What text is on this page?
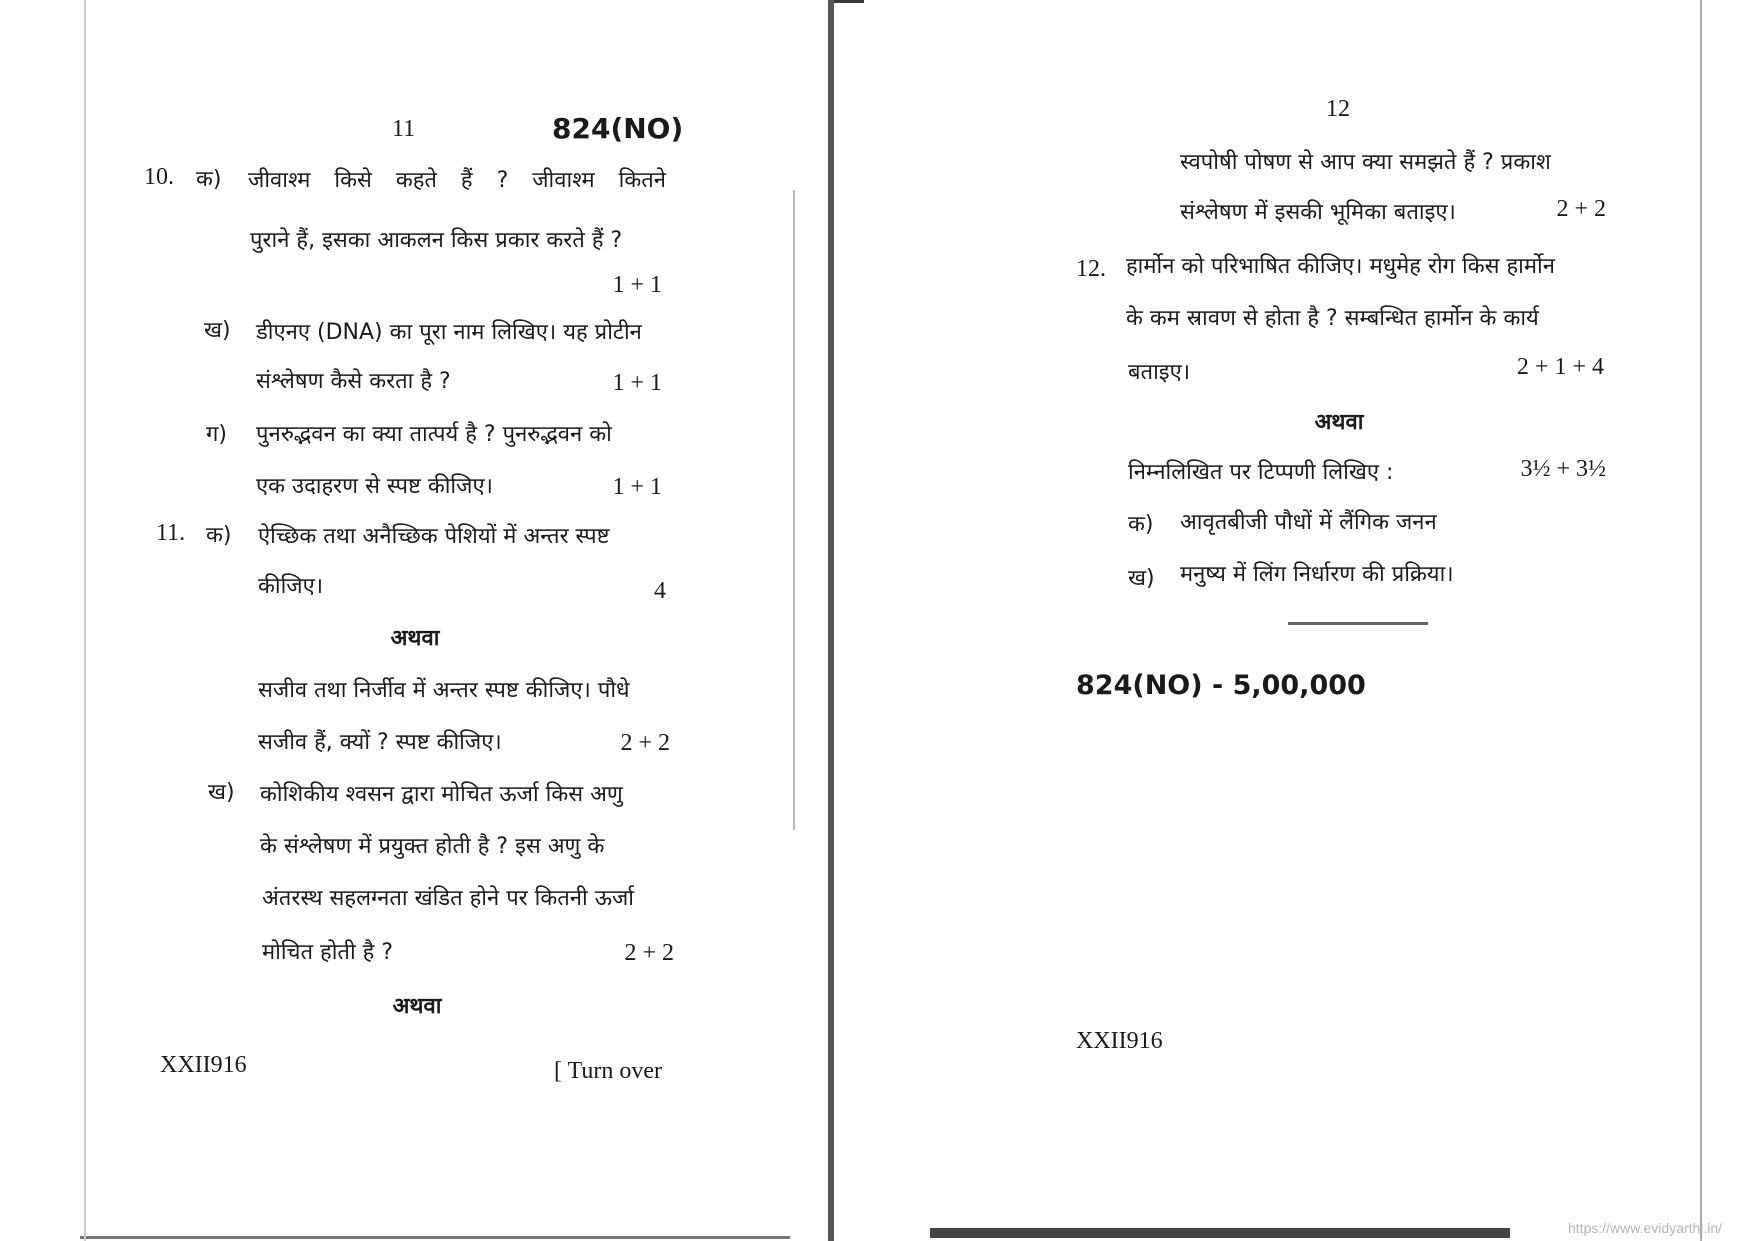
11	824(NO)
10. क) जीवाश्म किसे कहते हैं ? जीवाश्म कितने
पुराने हैं, इसका आकलन किस प्रकार करते हैं ?
1 + 1
ख) डीएनए (DNA) का पूरा नाम लिखिए। यह प्रोटीन
संश्लेषण कैसे करता है ?	1 + 1
ग) पुनरुद्भवन का क्या तात्पर्य है ? पुनरुद्भवन को
एक उदाहरण से स्पष्ट कीजिए।	1 + 1
11. क) ऐच्छिक तथा अनैच्छिक पेशियों में अन्तर स्पष्ट
कीजिए।	4
अथवा
सजीव तथा निर्जीव में अन्तर स्पष्ट कीजिए। पौधे
सजीव हैं, क्यों ? स्पष्ट कीजिए।	2 + 2
ख) कोशिकीय श्वसन द्वारा मोचित ऊर्जा किस अणु
के संश्लेषण में प्रयुक्त होती है ? इस अणु के
अंतरस्थ सहलग्नता खंडित होने पर कितनी ऊर्जा
मोचित होती है ?	2 + 2
अथवा
XXII916	[ Turn over
12
स्वपोषी पोषण से आप क्या समझते हैं ? प्रकाश
संश्लेषण में इसकी भूमिका बताइए।	2 + 2
12. हार्मोन को परिभाषित कीजिए। मधुमेह रोग किस हार्मोन
के कम स्रावण से होता है ? सम्बन्धित हार्मोन के कार्य
बताइए।	2 + 1 + 4
अथवा
निम्नलिखित पर टिप्पणी लिखिए :	3½ + 3½
क) आवृतबीजी पौधों में लैंगिक जनन
ख) मनुष्य में लिंग निर्धारण की प्रक्रिया।
824(NO) - 5,00,000
XXII916
https://www.evidyarthi.in/
